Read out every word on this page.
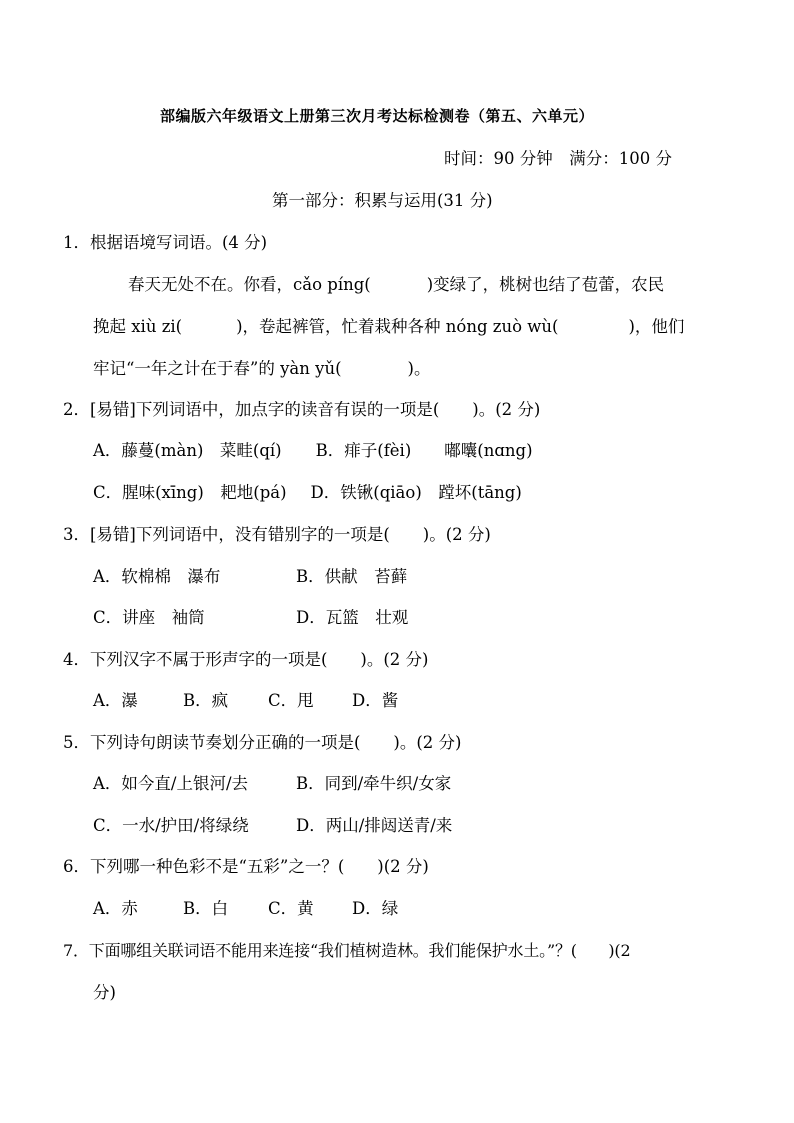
部编版六年级语文上册第三次月考达标检测卷（第五、六单元）
时间：90 分钟　满分：100 分
第一部分：积累与运用(31 分)
1．根据语境写词语。(4 分)
春天无处不在。你看，cǎo píng(	)变绿了，桃树也结了苞蕾，农民
挽起 xiù zi(	)，卷起裤管，忙着栽种各种 nóng zuò wù(	)，他们
牢记“一年之计在于春”的 yàn yǔ(	)。
2．[易错]下列词语中，加点字的读音有误的一项是(　　)。(2 分)
A．藤蔓(màn)　菜畦(qí) B．痱子(fèi)　　嘟囔(nɑng)
C．腥味(xīng)　耙地(pá) D．铁锹(qiāo)　蹚坏(tāng)
3．[易错]下列词语中，没有错别字的一项是(　　)。(2 分)
A．软棉棉　瀑布	B．供献　苔藓
C．讲座　袖筒	D．瓦篮　壮观
4．下列汉字不属于形声字的一项是(　　)。(2 分)
A．瀑	B．疯 C．甩 D．酱
5．下列诗句朗读节奏划分正确的一项是(　　)。(2 分)
A．如今直/上银河/去	B．同到/牵牛织/女家
C．一水/护田/将绿绕	D．两山/排闼送青/来
6．下列哪一种色彩不是“五彩”之一？(　　)(2 分)
A．赤	B．白 C．黄 D．绿
7．下面哪组关联词语不能用来连接“我们植树造林。我们能保护水土。”？(　　)(2
分)
